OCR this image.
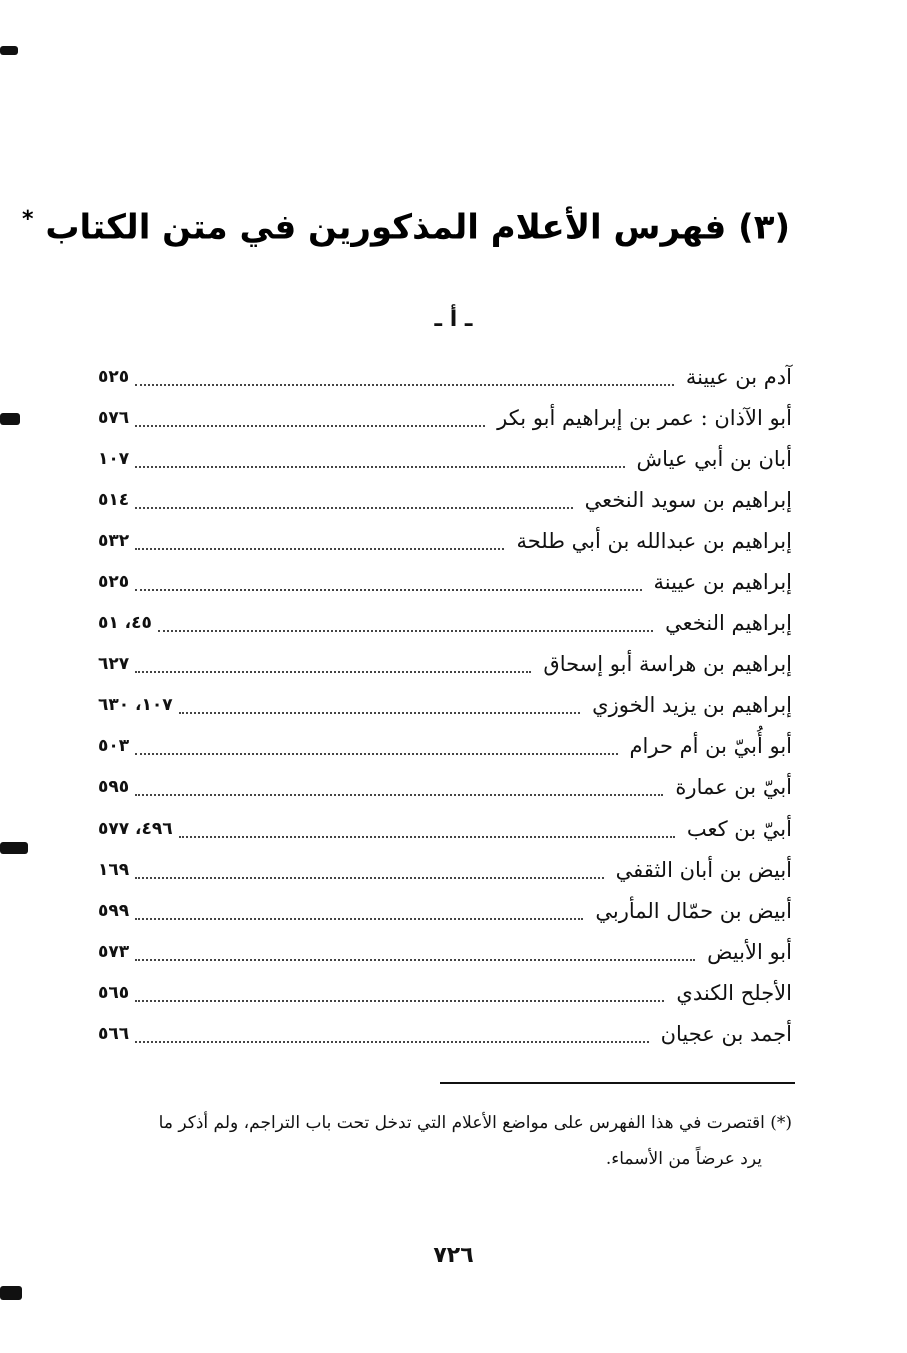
(٣) فهرس الأعلام المذكورين في متن الكتاب *
ـ أ ـ
آدم بن عيينة
٥٢٥
أبو الآذان : عمر بن إبراهيم أبو بكر
٥٧٦
أبان بن أبي عياش
١٠٧
إبراهيم بن سويد النخعي
٥١٤
إبراهيم بن عبدالله بن أبي طلحة
٥٣٢
إبراهيم بن عيينة
٥٢٥
إبراهيم النخعي
٤٥، ٥١
إبراهيم بن هراسة أبو إسحاق
٦٢٧
إبراهيم بن يزيد الخوزي
١٠٧، ٦٣٠
أبو أُبيّ بن أم حرام
٥٠٣
أبيّ بن عمارة
٥٩٥
أبيّ بن كعب
٤٩٦، ٥٧٧
أبيض بن أبان الثقفي
١٦٩
أبيض بن حمّال المأربي
٥٩٩
أبو الأبيض
٥٧٣
الأجلح الكندي
٥٦٥
أجمد بن عجيان
٥٦٦
(*) اقتصرت في هذا الفهرس على مواضع الأعلام التي تدخل تحت باب التراجم، ولم أذكر ما
يرد عرضاً من الأسماء.
٧٢٦
